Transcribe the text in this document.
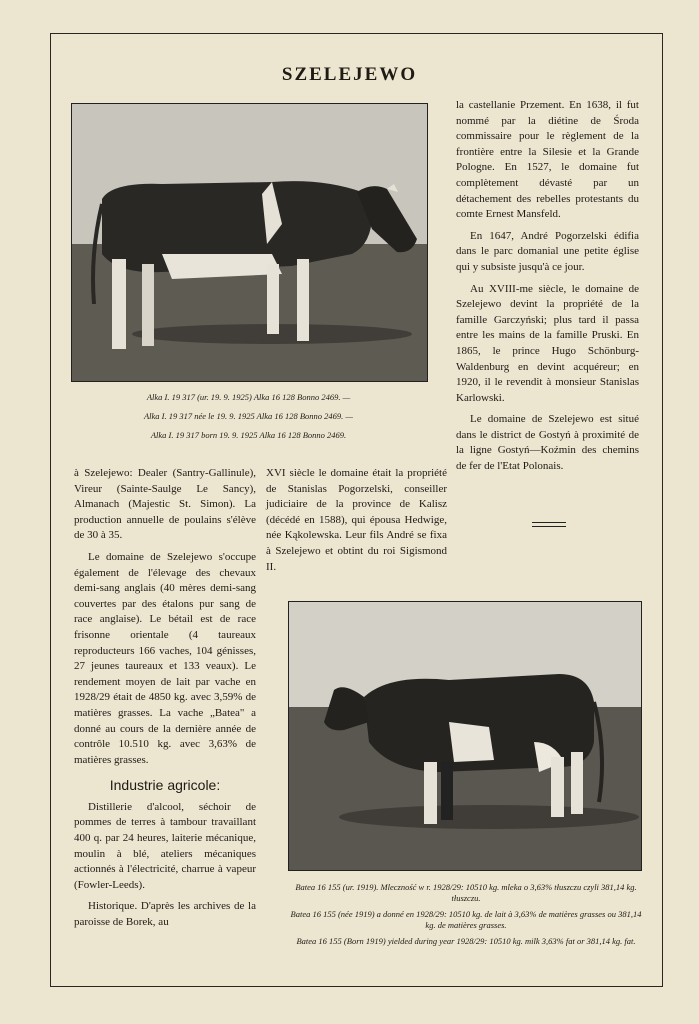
SZELEJEWO
Alka I. 19 317 (ur. 19. 9. 1925) Alka 16 128 Bonno 2469. —
Alka I. 19 317 née le 19. 9. 1925 Alka 16 128 Bonno 2469. —
Alka I. 19 317 born 19. 9. 1925 Alka 16 128 Bonno 2469.

la castellanie Przement. En 1638, il fut nommé par la diétine de Środa commissaire pour le règlement de la frontière entre la Silesie et la Grande Pologne. En 1527, le domaine fut complètement dévasté par un détachement des rebelles protestants du comte Ernest Mansfeld.

En 1647, André Pogorzelski édifia dans le parc domanial une petite église qui y subsiste jusqu'à ce jour.

Au XVIII-me siècle, le domaine de Szelejewo devint la propriété de la famille Garczyński; plus tard il passa entre les mains de la famille Pruski. En 1865, le prince Hugo Schönburg-Waldenburg en devint acquéreur; en 1920, il le revendit à monsieur Stanislas Karlowski.

Le domaine de Szelejewo est situé dans le district de Gostyń à proximité de la ligne Gostyń—Koźmin des chemins de fer de l'Etat Polonais.

à Szelejewo: Dealer (Santry-Gallinule), Vireur (Sainte-Saulge Le Sancy), Almanach (Majestic St. Simon). La production annuelle de poulains s'élève de 30 à 35.

Le domaine de Szelejewo s'occupe également de l'élevage des chevaux demi-sang anglais (40 mères demi-sang couvertes par des étalons pur sang de race anglaise). Le bétail est de race frisonne orientale (4 taureaux reproducteurs 166 vaches, 104 génisses, 27 jeunes taureaux et 133 veaux). Le rendement moyen de lait par vache en 1928/29 était de 4850 kg. avec 3,59% de matières grasses. La vache „Batea" a donné au cours de la dernière année de contrôle 10.510 kg. avec 3,63% de matières grasses.

Industrie agricole:

Distillerie d'alcool, séchoir de pommes de terres à tambour travaillant 400 q. par 24 heures, laiterie mécanique, moulin à blé, ateliers mécaniques actionnés à l'électricité, charrue à vapeur (Fowler-Leeds).

Historique. D'après les archives de la paroisse de Borek, au

XVI siècle le domaine était la propriété de Stanislas Pogorzelski, conseiller judiciaire de la province de Kalisz (décédé en 1588), qui épousa Hedwige, née Kąkolewska. Leur fils André se fixa à Szelejewo et obtint du roi Sigismond II.

Batea 16 155 (ur. 1919). Mleczność w r. 1928/29: 10510 kg. mleka o 3,63% tłuszczu czyli 381,14 kg. tłuszczu.

Batea 16 155 (née 1919) a donné en 1928/29: 10510 kg. de lait à 3,63% de matières grasses ou 381,14 kg. de matières grasses.

Batea 16 155 (Born 1919) yielded during year 1928/29: 10510 kg. milk 3,63% fat or 381,14 kg. fat.
